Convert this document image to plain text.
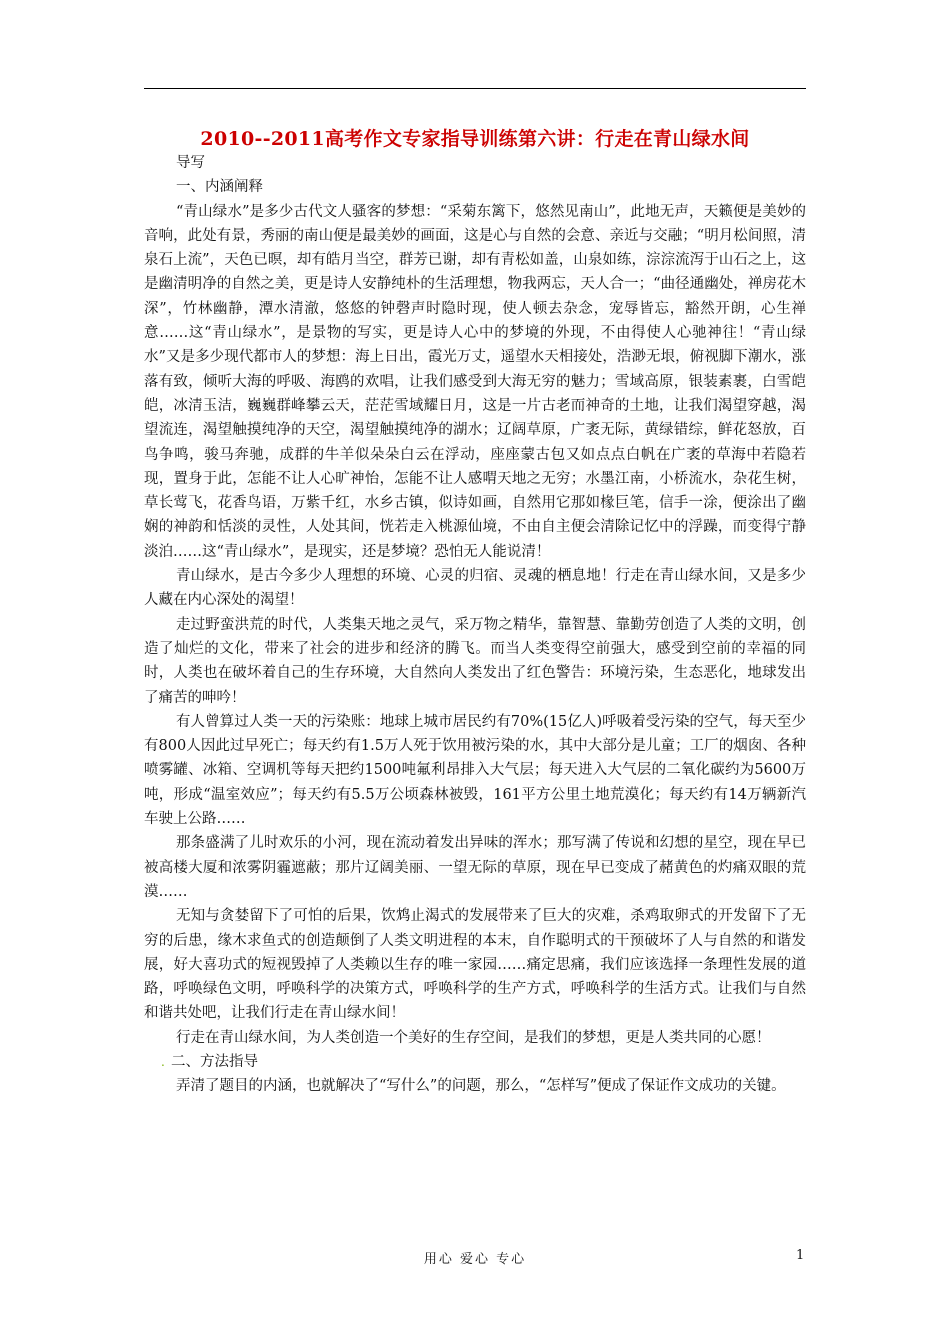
2010--2011高考作文专家指导训练第六讲：行走在青山绿水间

导写

一、内涵阐释

“青山绿水”是多少古代文人骚客的梦想：“采菊东篱下，悠然见南山”，此地无声，天籁便是美妙的音响，此处有景，秀丽的南山便是最美妙的画面，这是心与自然的会意、亲近与交融；“明月松间照，清泉石上流”，天色已暝，却有皓月当空，群芳已谢，却有青松如盖，山泉如练，淙淙流泻于山石之上，这是幽清明净的自然之美，更是诗人安静纯朴的生活理想，物我两忘，天人合一；“曲径通幽处，禅房花木深”，竹林幽静，潭水清澈，悠悠的钟磬声时隐时现，使人顿去杂念，宠辱皆忘，豁然开朗，心生禅意……这“青山绿水”，是景物的写实，更是诗人心中的梦境的外现，不由得使人心驰神往！“青山绿水”又是多少现代都市人的梦想：海上日出，霞光万丈，遥望水天相接处，浩渺无垠，俯视脚下潮水，涨落有致，倾听大海的呼吸、海鸥的欢唱，让我们感受到大海无穷的魅力；雪域高原，银装素裹，白雪皑皑，冰清玉洁，巍巍群峰攀云天，茫茫雪域耀日月，这是一片古老而神奇的土地，让我们渴望穿越，渴望流连，渴望触摸纯净的天空，渴望触摸纯净的湖水；辽阔草原，广袤无际，黄绿错综，鲜花怒放，百鸟争鸣，骏马奔驰，成群的牛羊似朵朵白云在浮动，座座蒙古包又如点点白帆在广袤的草海中若隐若现，置身于此，怎能不让人心旷神怡，怎能不让人感喟天地之无穷；水墨江南，小桥流水，杂花生树，草长莺飞，花香鸟语，万紫千红，水乡古镇，似诗如画，自然用它那如椽巨笔，信手一涂，便涂出了幽娴的神韵和恬淡的灵性，人处其间，恍若走入桃源仙境，不由自主便会清除记忆中的浮躁，而变得宁静淡泊……这“青山绿水”，是现实，还是梦境？恐怕无人能说清！

青山绿水，是古今多少人理想的环境、心灵的归宿、灵魂的栖息地！行走在青山绿水间，又是多少人藏在内心深处的渴望！

走过野蛮洪荒的时代，人类集天地之灵气，采万物之精华，靠智慧、靠勤劳创造了人类的文明，创造了灿烂的文化，带来了社会的进步和经济的腾飞。而当人类变得空前强大，感受到空前的幸福的同时，人类也在破坏着自己的生存环境，大自然向人类发出了红色警告：环境污染，生态恶化，地球发出了痛苦的呻吟！

有人曾算过人类一天的污染账：地球上城市居民约有70%(15亿人)呼吸着受污染的空气，每天至少有800人因此过早死亡；每天约有1.5万人死于饮用被污染的水，其中大部分是儿童；工厂的烟囱、各种喷雾罐、冰箱、空调机等每天把约1500吨氟利昂排入大气层；每天进入大气层的二氧化碳约为5600万吨，形成“温室效应”；每天约有5.5万公顷森林被毁，161平方公里土地荒漠化；每天约有14万辆新汽车驶上公路……

那条盛满了儿时欢乐的小河，现在流动着发出异味的浑水；那写满了传说和幻想的星空，现在早已被高楼大厦和浓雾阴霾遮蔽；那片辽阔美丽、一望无际的草原，现在早已变成了赭黄色的灼痛双眼的荒漠……

无知与贪婪留下了可怕的后果，饮鸩止渴式的发展带来了巨大的灾难，杀鸡取卵式的开发留下了无穷的后患，缘木求鱼式的创造颠倒了人类文明进程的本末，自作聪明式的干预破坏了人与自然的和谐发展，好大喜功式的短视毁掉了人类赖以生存的唯一家园……痛定思痛，我们应该选择一条理性发展的道路，呼唤绿色文明，呼唤科学的决策方式，呼唤科学的生产方式，呼唤科学的生活方式。让我们与自然和谐共处吧，让我们行走在青山绿水间！

行走在青山绿水间，为人类创造一个美好的生存空间，是我们的梦想，更是人类共同的心愿！

. 二、方法指导

弄清了题目的内涵，也就解决了“写什么”的问题，那么，“怎样写”便成了保证作文成功的关键。

用心 爱心 专心	1
